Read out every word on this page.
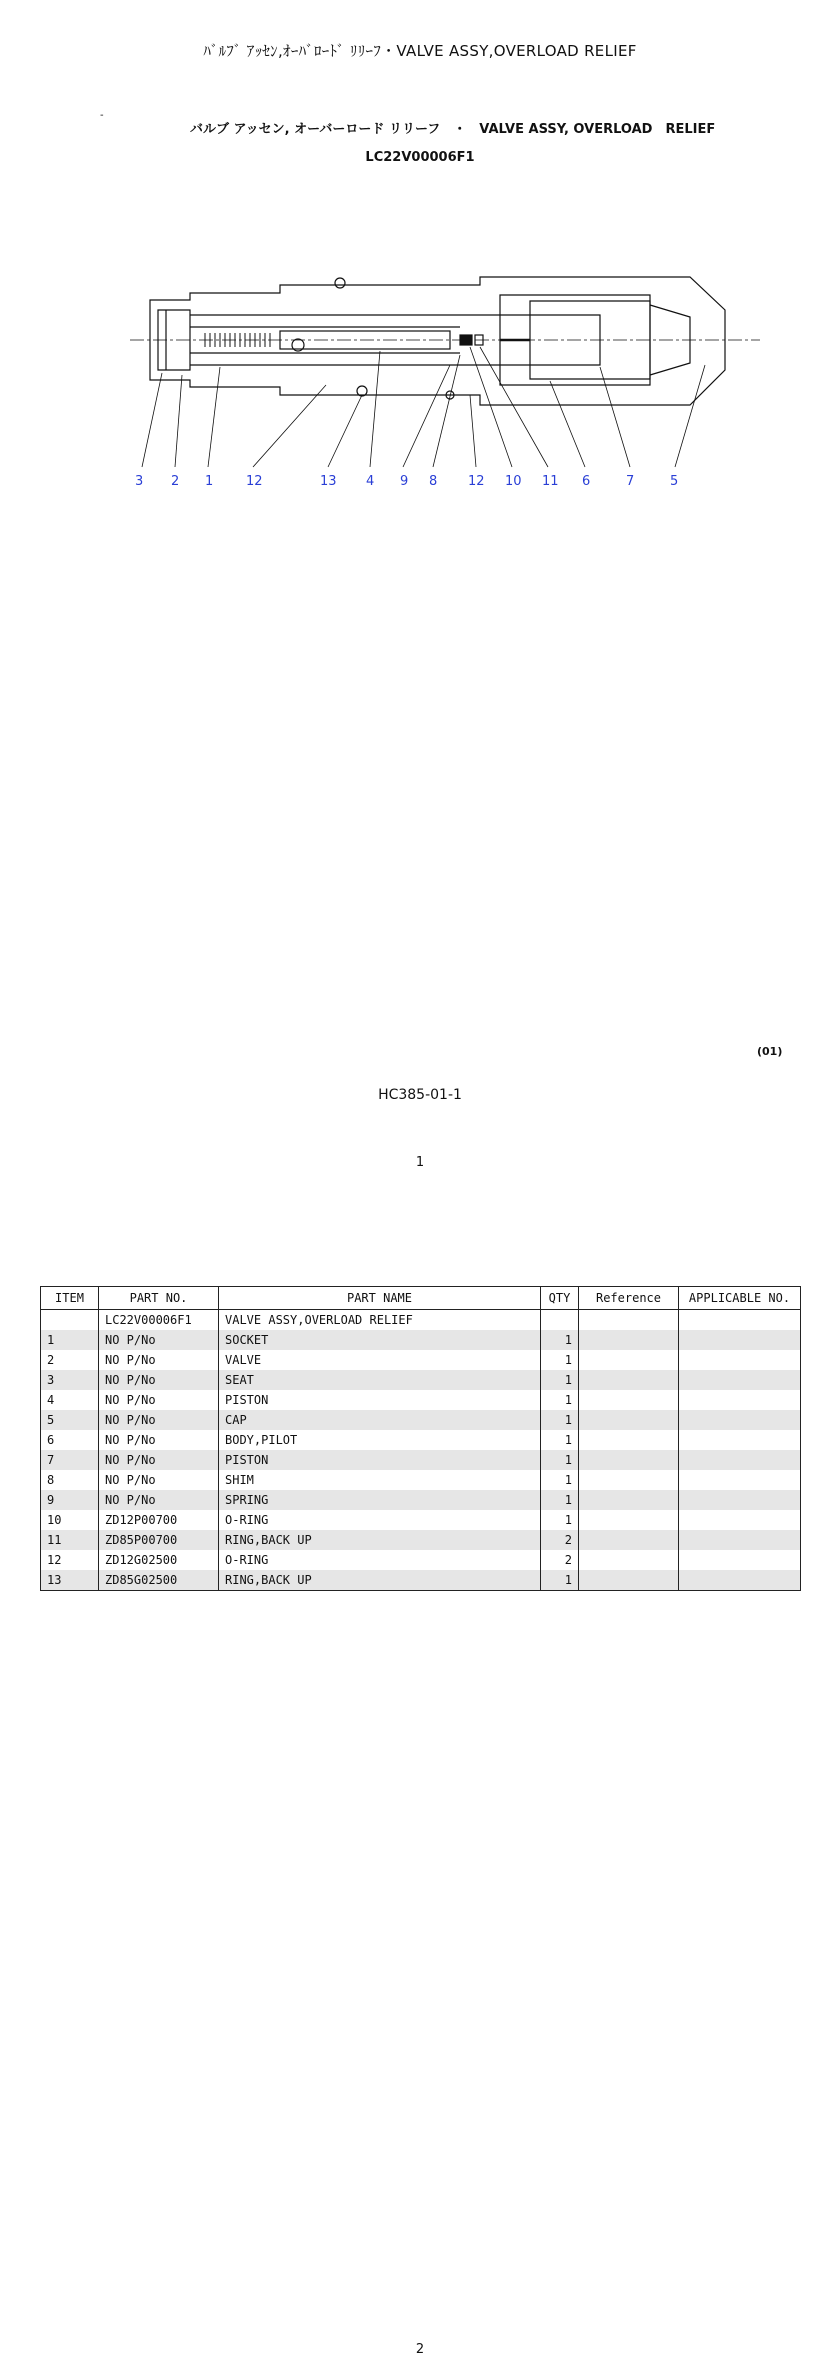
ﾊﾞﾙﾌﾞ ｱｯｾﾝ,ｵｰﾊﾞﾛｰﾄﾞ ﾘﾘｰﾌ・VALVE ASSY,OVERLOAD RELIEF
-
バルブ アッセン, オーバーロード リリーフ　・　VALVE ASSY, OVERLOAD　RELIEF
LC22V00006F1
3 2 1	12	13 4 9 8 12 10 11 6	7	5
(01)
HC385-01-1
1
ITEM	PART NO.	PART NAME	QTY	Reference	APPLICABLE NO.
	LC22V00006F1	VALVE ASSY,OVERLOAD RELIEF			
1	NO P/No	SOCKET	1		
2	NO P/No	VALVE	1		
3	NO P/No	SEAT	1		
4	NO P/No	PISTON	1		
5	NO P/No	CAP	1		
6	NO P/No	BODY,PILOT	1		
7	NO P/No	PISTON	1		
8	NO P/No	SHIM	1		
9	NO P/No	SPRING	1		
10	ZD12P00700	O-RING	1		
11	ZD85P00700	RING,BACK UP	2		
12	ZD12G02500	O-RING	2		
13	ZD85G02500	RING,BACK UP	1		
2
